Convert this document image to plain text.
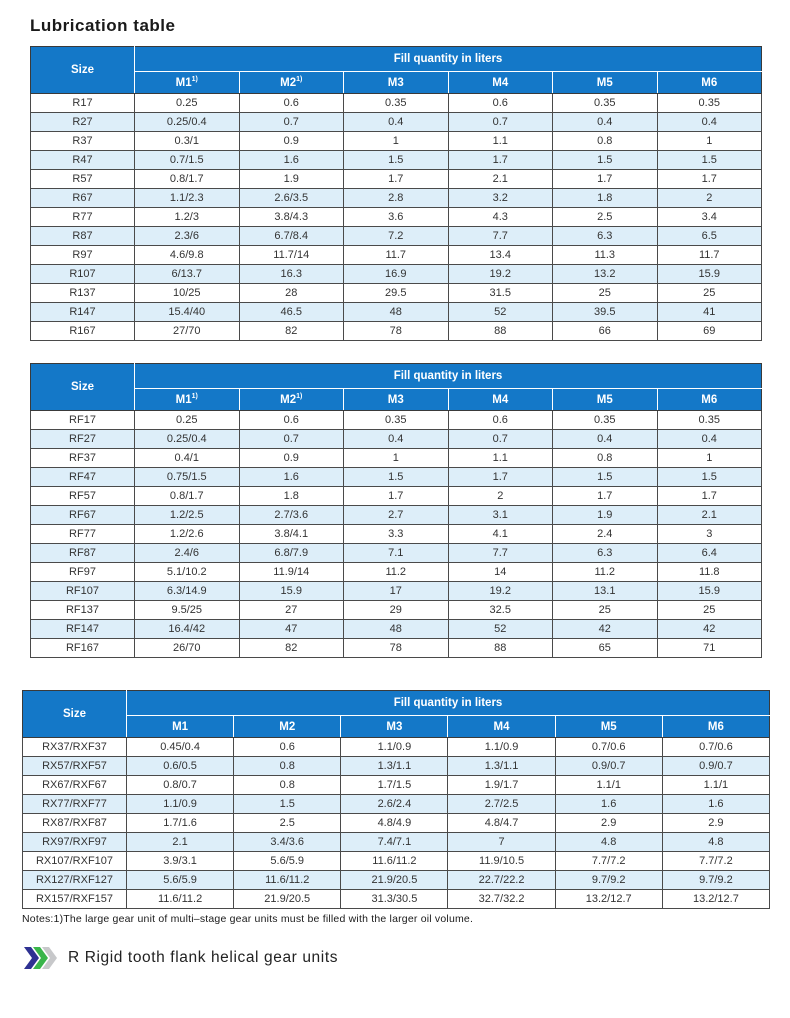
Lubrication table
Size	Fill quantity in liters					
	M1$^{1)}$	M2$^{1)}$	M3	M4	M5	M6
R17	0.25	0.6	0.35	0.6	0.35	0.35
R27	0.25/0.4	0.7	0.4	0.7	0.4	0.4
R37	0.3/1	0.9	1	1.1	0.8	1
R47	0.7/1.5	1.6	1.5	1.7	1.5	1.5
R57	0.8/1.7	1.9	1.7	2.1	1.7	1.7
R67	1.1/2.3	2.6/3.5	2.8	3.2	1.8	2
R77	1.2/3	3.8/4.3	3.6	4.3	2.5	3.4
R87	2.3/6	6.7/8.4	7.2	7.7	6.3	6.5
R97	4.6/9.8	11.7/14	11.7	13.4	11.3	11.7
R107	6/13.7	16.3	16.9	19.2	13.2	15.9
R137	10/25	28	29.5	31.5	25	25
R147	15.4/40	46.5	48	52	39.5	41
R167	27/70	82	78	88	66	69
Size	Fill quantity in liters					
	M1$^{1)}$	M2$^{1)}$	M3	M4	M5	M6
RF17	0.25	0.6	0.35	0.6	0.35	0.35
RF27	0.25/0.4	0.7	0.4	0.7	0.4	0.4
RF37	0.4/1	0.9	1	1.1	0.8	1
RF47	0.75/1.5	1.6	1.5	1.7	1.5	1.5
RF57	0.8/1.7	1.8	1.7	2	1.7	1.7
RF67	1.2/2.5	2.7/3.6	2.7	3.1	1.9	2.1
RF77	1.2/2.6	3.8/4.1	3.3	4.1	2.4	3
RF87	2.4/6	6.8/7.9	7.1	7.7	6.3	6.4
RF97	5.1/10.2	11.9/14	11.2	14	11.2	11.8
RF107	6.3/14.9	15.9	17	19.2	13.1	15.9
RF137	9.5/25	27	29	32.5	25	25
RF147	16.4/42	47	48	52	42	42
RF167	26/70	82	78	88	65	71
Size	Fill quantity in liters					
	M1	M2	M3	M4	M5	M6
RX37/RXF37	0.45/0.4	0.6	1.1/0.9	1.1/0.9	0.7/0.6	0.7/0.6
RX57/RXF57	0.6/0.5	0.8	1.3/1.1	1.3/1.1	0.9/0.7	0.9/0.7
RX67/RXF67	0.8/0.7	0.8	1.7/1.5	1.9/1.7	1.1/1	1.1/1
RX77/RXF77	1.1/0.9	1.5	2.6/2.4	2.7/2.5	1.6	1.6
RX87/RXF87	1.7/1.6	2.5	4.8/4.9	4.8/4.7	2.9	2.9
RX97/RXF97	2.1	3.4/3.6	7.4/7.1	7	4.8	4.8
RX107/RXF107	3.9/3.1	5.6/5.9	11.6/11.2	11.9/10.5	7.7/7.2	7.7/7.2
RX127/RXF127	5.6/5.9	11.6/11.2	21.9/20.5	22.7/22.2	9.7/9.2	9.7/9.2
RX157/RXF157	11.6/11.2	21.9/20.5	31.3/30.5	32.7/32.2	13.2/12.7	13.2/12.7
Notes:1)The large gear unit of multi–stage gear units must be filled with the larger oil volume.
R Rigid tooth flank helical gear units
